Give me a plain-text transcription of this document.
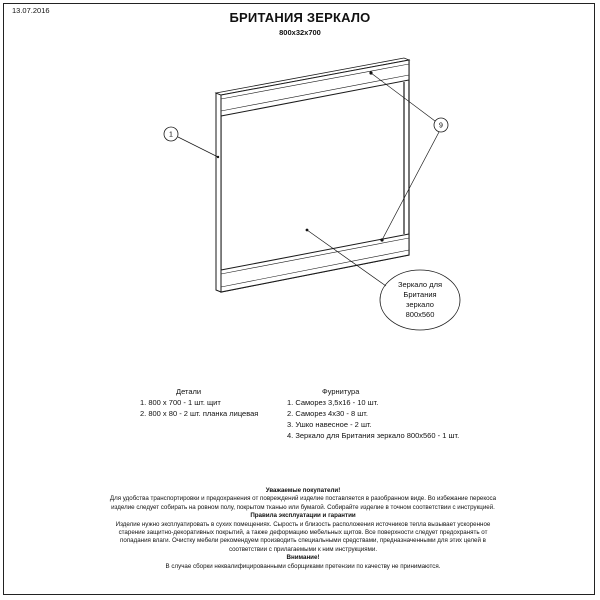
13.07.2016	БРИТАНИЯ ЗЕРКАЛО
800x32x700
1
9
Зеркало для
Британия
зеркало
800x560
Детали
1. 800 x 700 - 1 шт. щит
2. 800 x 80 - 2 шт. планка лицевая
Фурнитура
1. Саморез 3,5x16 - 10 шт.
2. Саморез 4x30 - 8 шт.
3. Ушко навесное - 2 шт.
4. Зеркало для Британия зеркало 800x560 - 1 шт.

Уважаемые покупатели!

Для удобства транспортировки и предохранения от повреждений изделие поставляется в разобранном виде. Во избежание перекоса изделие следует собирать на ровном полу, покрытом тканью или бумагой. Собирайте изделие в точном соответствии с инструкцией.

Правила эксплуатации и гарантии

Изделие нужно эксплуатировать в сухих помещениях. Сырость и близость расположения источников тепла вызывает ускоренное старение защитно-декоративных покрытий, а также деформацию мебельных щитов. Все поверхности следует предохранять от попадания влаги. Очистку мебели рекомендуем производить специальными средствами, предназначенными для этих целей в соответствии с прилагаемыми к ним инструкциями.

Внимание!

В случае сборки неквалифицированными сборщиками претензии по качеству не принимаются.
